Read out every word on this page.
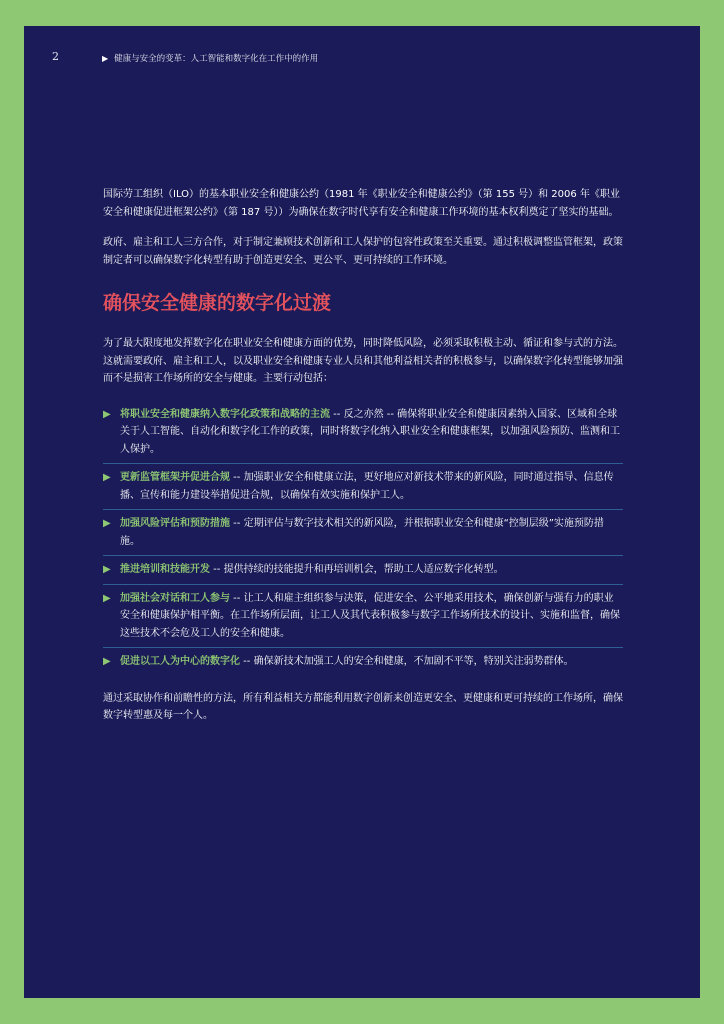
2	▶ 健康与安全的变革：人工智能和数字化在工作中的作用

国际劳工组织（ILO）的基本职业安全和健康公约（1981 年《职业安全和健康公约》（第 155 号）和 2006 年《职业安全和健康促进框架公约》（第 187 号））为确保在数字时代享有安全和健康工作环境的基本权利奠定了坚实的基础。

政府、雇主和工人三方合作，对于制定兼顾技术创新和工人保护的包容性政策至关重要。通过积极调整监管框架，政策制定者可以确保数字化转型有助于创造更安全、更公平、更可持续的工作环境。

确保安全健康的数字化过渡

为了最大限度地发挥数字化在职业安全和健康方面的优势，同时降低风险，必须采取积极主动、循证和参与式的方法。这就需要政府、雇主和工人，以及职业安全和健康专业人员和其他利益相关者的积极参与，以确保数字化转型能够加强而不是损害工作场所的安全与健康。主要行动包括：

▶ 将职业安全和健康纳入数字化政策和战略的主流 -- 反之亦然 -- 确保将职业安全和健康因素纳入国家、区域和全球关于人工智能、自动化和数字化工作的政策，同时将数字化纳入职业安全和健康框架，以加强风险预防、监测和工人保护。
▶ 更新监管框架并促进合规 -- 加强职业安全和健康立法，更好地应对新技术带来的新风险，同时通过指导、信息传播、宣传和能力建设举措促进合规，以确保有效实施和保护工人。
▶ 加强风险评估和预防措施 -- 定期评估与数字技术相关的新风险，并根据职业安全和健康“控制层级”实施预防措施。
▶ 推进培训和技能开发 -- 提供持续的技能提升和再培训机会，帮助工人适应数字化转型。
▶ 加强社会对话和工人参与 -- 让工人和雇主组织参与决策，促进安全、公平地采用技术，确保创新与强有力的职业安全和健康保护相平衡。在工作场所层面，让工人及其代表积极参与数字工作场所技术的设计、实施和监督，确保这些技术不会危及工人的安全和健康。
▶ 促进以工人为中心的数字化 -- 确保新技术加强工人的安全和健康，不加剧不平等，特别关注弱势群体。

通过采取协作和前瞻性的方法，所有利益相关方都能利用数字创新来创造更安全、更健康和更可持续的工作场所，确保数字转型惠及每一个人。
